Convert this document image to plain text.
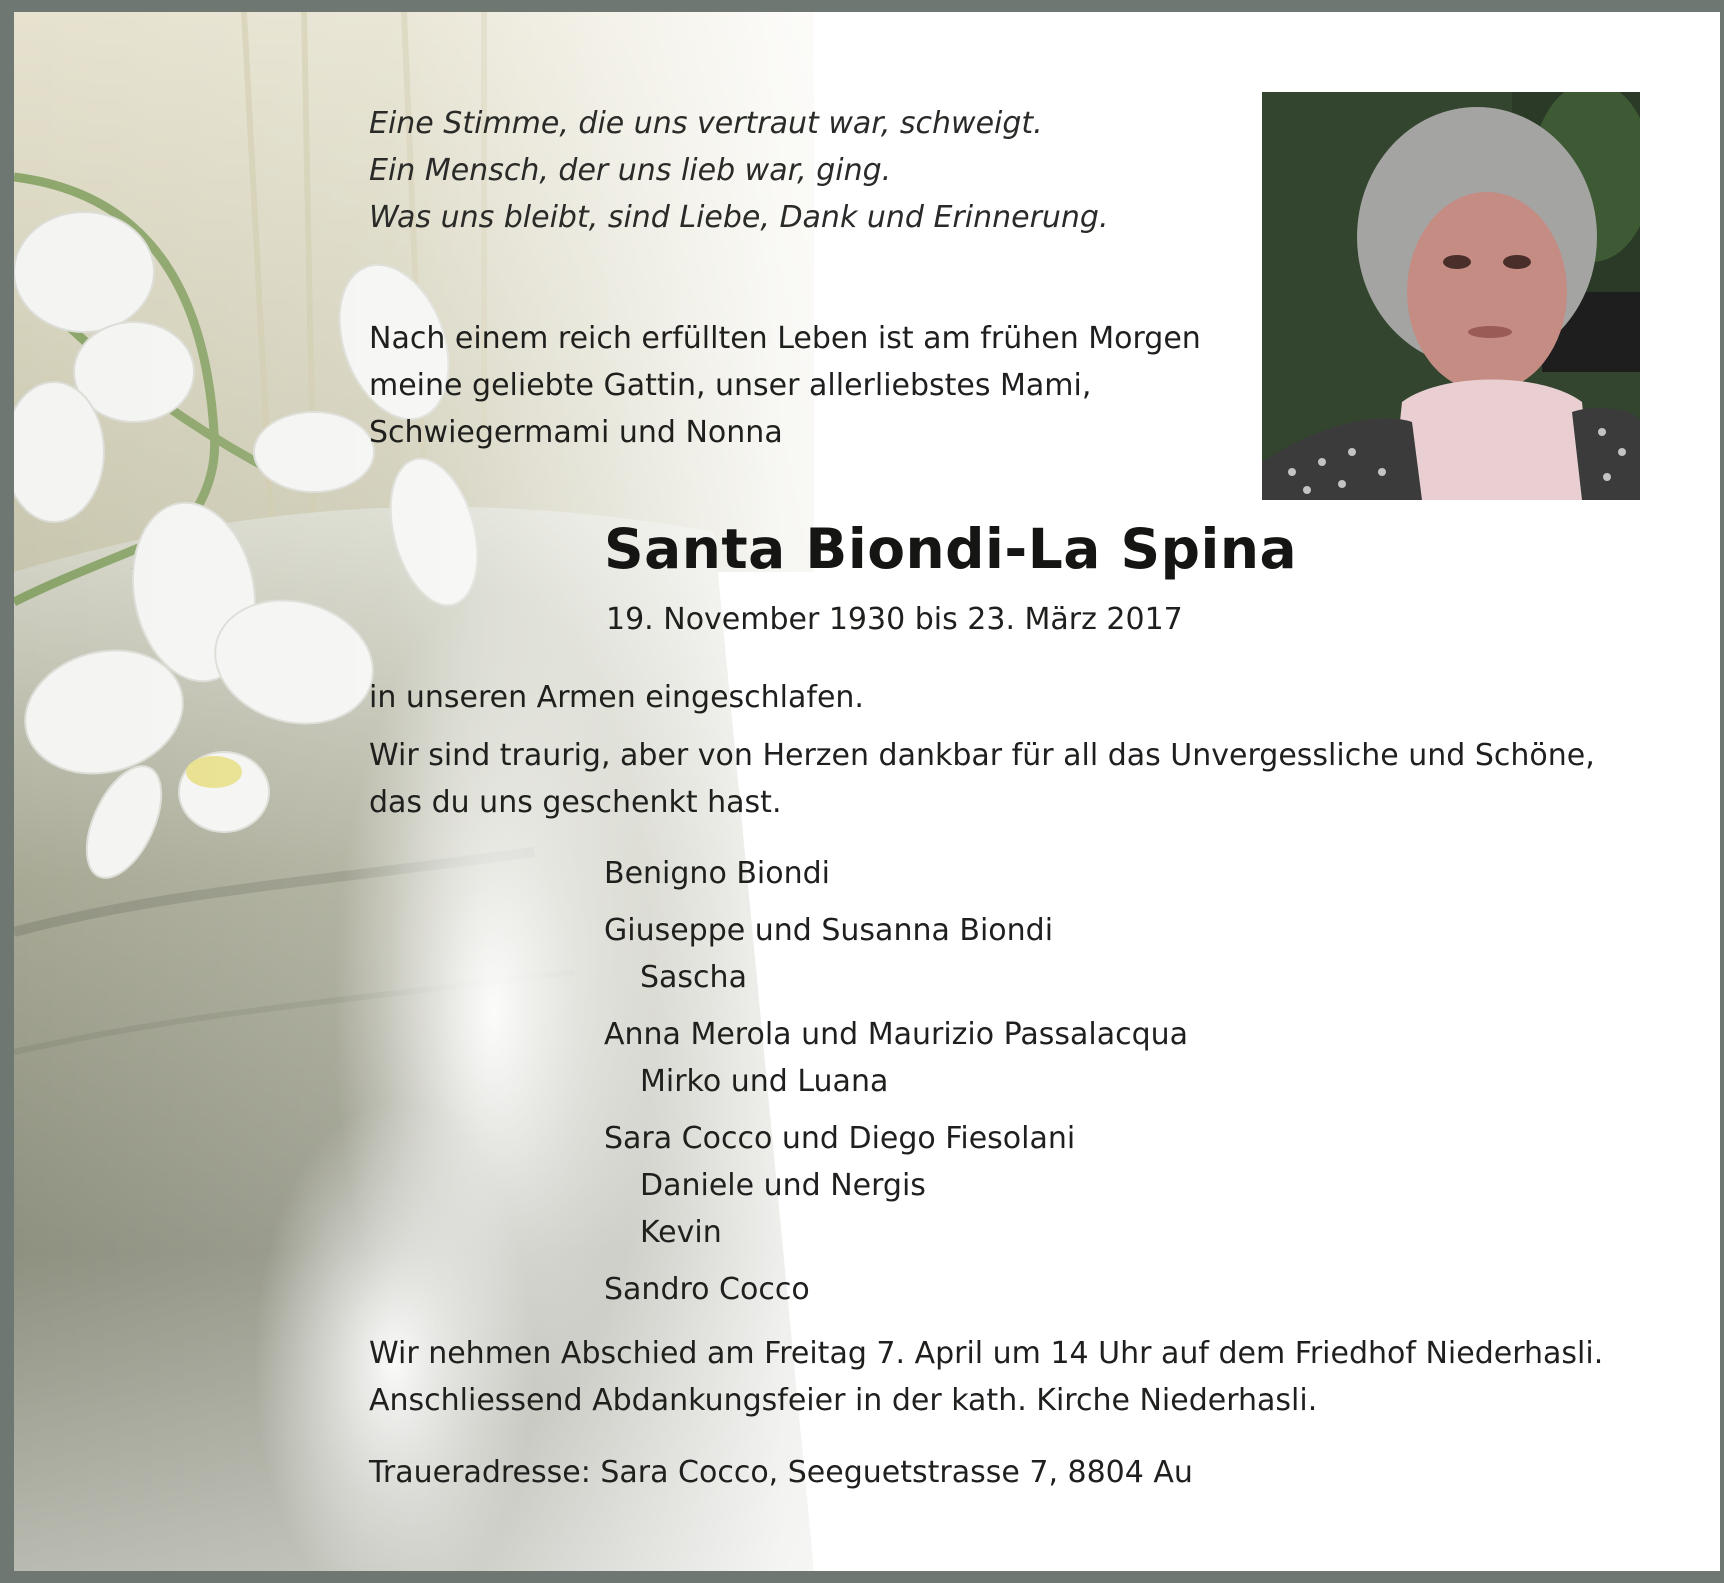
Eine Stimme, die uns vertraut war, schweigt.
Ein Mensch, der uns lieb war, ging.
Was uns bleibt, sind Liebe, Dank und Erinnerung.
Nach einem reich erfüllten Leben ist am frühen Morgen
meine geliebte Gattin, unser allerliebstes Mami,
Schwiegermami und Nonna
Santa Biondi-La Spina
19. November 1930 bis 23. März 2017
in unseren Armen eingeschlafen.
Wir sind traurig, aber von Herzen dankbar für all das Unvergessliche und Schöne,
das du uns geschenkt hast.
Benigno Biondi
Giuseppe und Susanna Biondi
Sascha
Anna Merola und Maurizio Passalacqua
Mirko und Luana
Sara Cocco und Diego Fiesolani
Daniele und Nergis
Kevin
Sandro Cocco
Wir nehmen Abschied am Freitag 7. April um 14 Uhr auf dem Friedhof Niederhasli.
Anschliessend Abdankungsfeier in der kath. Kirche Niederhasli.
Traueradresse: Sara Cocco, Seeguetstrasse 7, 8804 Au
